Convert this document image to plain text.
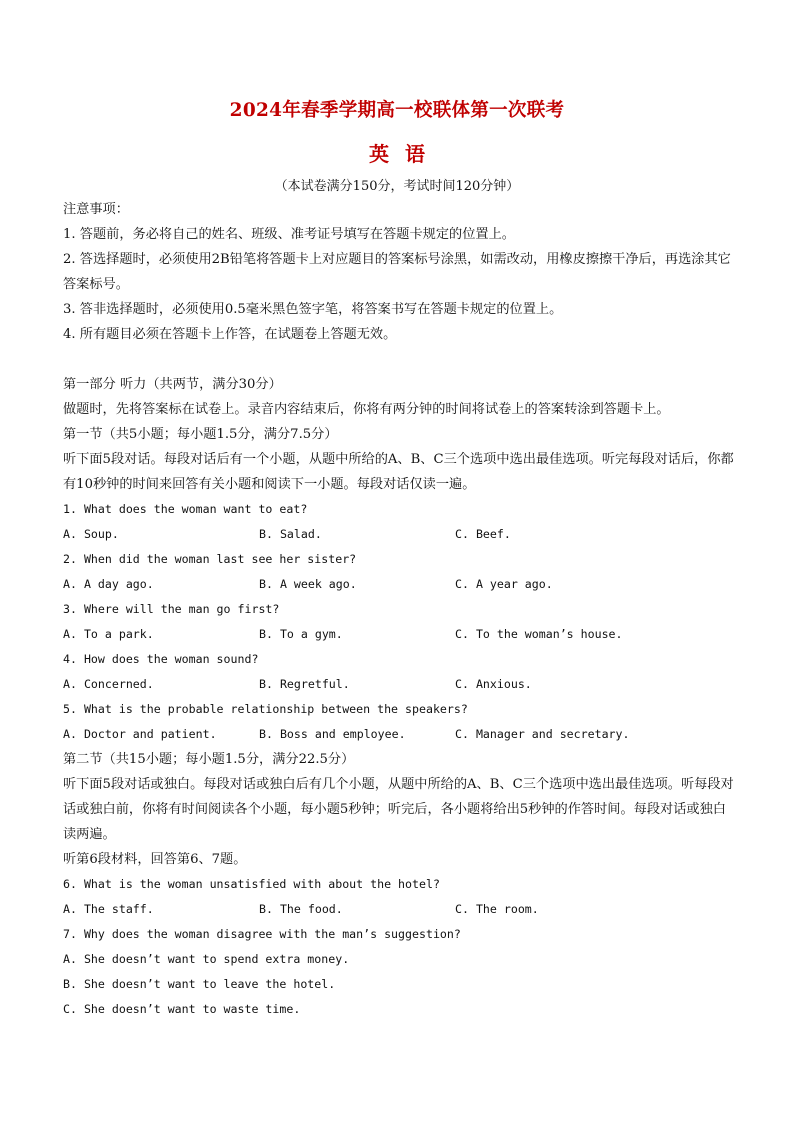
2024年春季学期高一校联体第一次联考
英语
（本试卷满分150分，考试时间120分钟）
注意事项：
1. 答题前，务必将自己的姓名、班级、准考证号填写在答题卡规定的位置上。
2. 答选择题时，必须使用2B铅笔将答题卡上对应题目的答案标号涂黑，如需改动，用橡皮擦擦干净后，再选涂其它答案标号。
3. 答非选择题时，必须使用0.5毫米黑色签字笔，将答案书写在答题卡规定的位置上。
4. 所有题目必须在答题卡上作答，在试题卷上答题无效。
第一部分 听力（共两节，满分30分）
做题时，先将答案标在试卷上。录音内容结束后，你将有两分钟的时间将试卷上的答案转涂到答题卡上。
第一节（共5小题；每小题1.5分，满分7.5分）
听下面5段对话。每段对话后有一个小题，从题中所给的A、B、C三个选项中选出最佳选项。听完每段对话后，你都有10秒钟的时间来回答有关小题和阅读下一小题。每段对话仅读一遍。
1. What does the woman want to eat?
A. Soup.	B. Salad.	C. Beef.
2. When did the woman last see her sister?
A. A day ago.	B. A week ago.	C. A year ago.
3. Where will the man go first?
A. To a park.	B. To a gym.	C. To the woman’s house.
4. How does the woman sound?
A. Concerned.	B. Regretful.	C. Anxious.
5. What is the probable relationship between the speakers?
A. Doctor and patient.	B. Boss and employee.	C. Manager and secretary.
第二节（共15小题；每小题1.5分，满分22.5分）
听下面5段对话或独白。每段对话或独白后有几个小题，从题中所给的A、B、C三个选项中选出最佳选项。听每段对话或独白前，你将有时间阅读各个小题，每小题5秒钟；听完后，各小题将给出5秒钟的作答时间。每段对话或独白读两遍。
听第6段材料，回答第6、7题。
6. What is the woman unsatisfied with about the hotel?
A. The staff.	B. The food.	C. The room.
7. Why does the woman disagree with the man’s suggestion?
A. She doesn’t want to spend extra money.
B. She doesn’t want to leave the hotel.
C. She doesn’t want to waste time.
